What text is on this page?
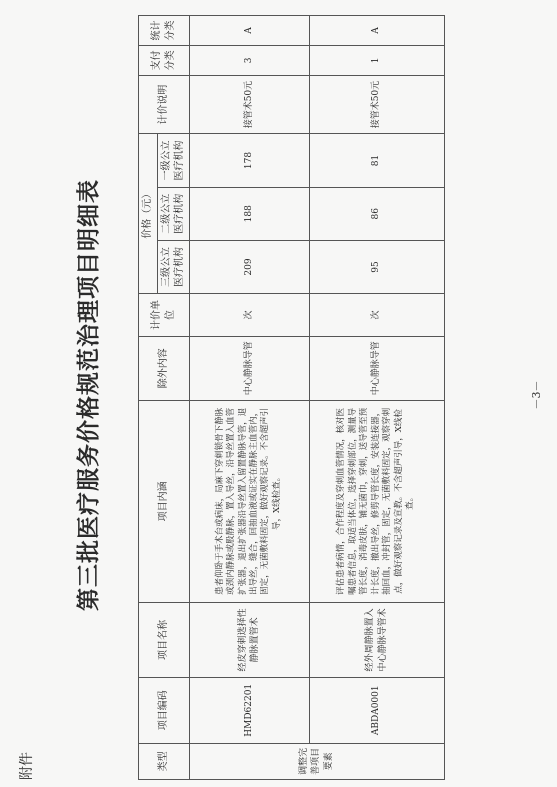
附件
第三批医疗服务价格规范治理项目明细表
类型	项目编码	项目名称	项目内涵	除外内容	计价单位	价格（元）			计价说明	支付分类	统计分类
						三级公立医疗机构	二级公立医疗机构	一级公立医疗机构			
调整完善项目要素	HMD62201	经皮穿刺选择性静脉置管术	患者仰卧于手术台或病床，局麻下穿刺锁骨下静脉或颈内静脉或股静脉，置入导丝，沿导丝置入血管扩张器，退出扩张器沿导丝置入留置静脉导管，退出导丝，缝合，回抽血液或证实在静脉主血管内，固定，无菌敷料固定，做好观察记录。不含超声引导，X线检查。	中心静脉导管	次	209	188	178	接管术50元	3	A
	ABDA0001	经外周静脉置入中心静脉导管术	评估患者病情，合作程度及穿刺血管情况，核对医嘱患者信息，取适当体位，选择穿刺部位，测量导管长度，消毒皮肤，铺无菌巾，穿刺，送导管至预计长度，撤出导丝，修剪导管长度，安装连接器，抽回血，冲封管，固定，无菌敷料固定，观察穿刺点，做好观察记录及宣教。不含超声引导，X线检查。	中心静脉导管	次	95	86	81	接管术50元	1	A
－3－
